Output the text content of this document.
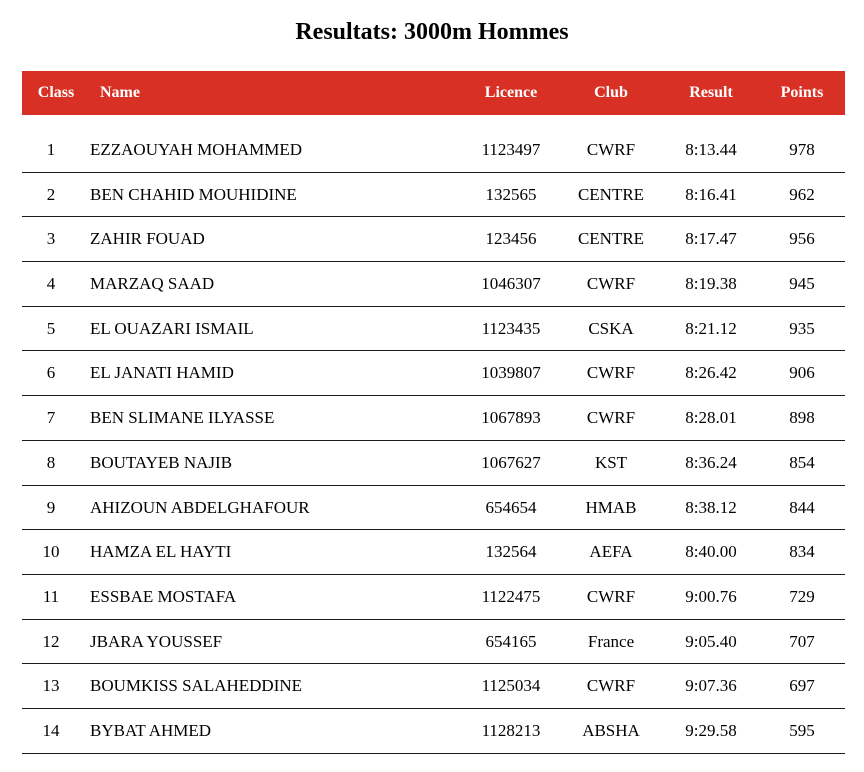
Resultats: 3000m Hommes
Class	Name	Licence	Club	Result	Points
1	EZZAOUYAH MOHAMMED	1123497	CWRF	8:13.44	978
2	BEN CHAHID MOUHIDINE	132565	CENTRE	8:16.41	962
3	ZAHIR FOUAD	123456	CENTRE	8:17.47	956
4	MARZAQ SAAD	1046307	CWRF	8:19.38	945
5	EL OUAZARI ISMAIL	1123435	CSKA	8:21.12	935
6	EL JANATI HAMID	1039807	CWRF	8:26.42	906
7	BEN SLIMANE ILYASSE	1067893	CWRF	8:28.01	898
8	BOUTAYEB NAJIB	1067627	KST	8:36.24	854
9	AHIZOUN ABDELGHAFOUR	654654	HMAB	8:38.12	844
10	HAMZA EL HAYTI	132564	AEFA	8:40.00	834
11	ESSBAE MOSTAFA	1122475	CWRF	9:00.76	729
12	JBARA YOUSSEF	654165	France	9:05.40	707
13	BOUMKISS SALAHEDDINE	1125034	CWRF	9:07.36	697
14	BYBAT AHMED	1128213	ABSHA	9:29.58	595
